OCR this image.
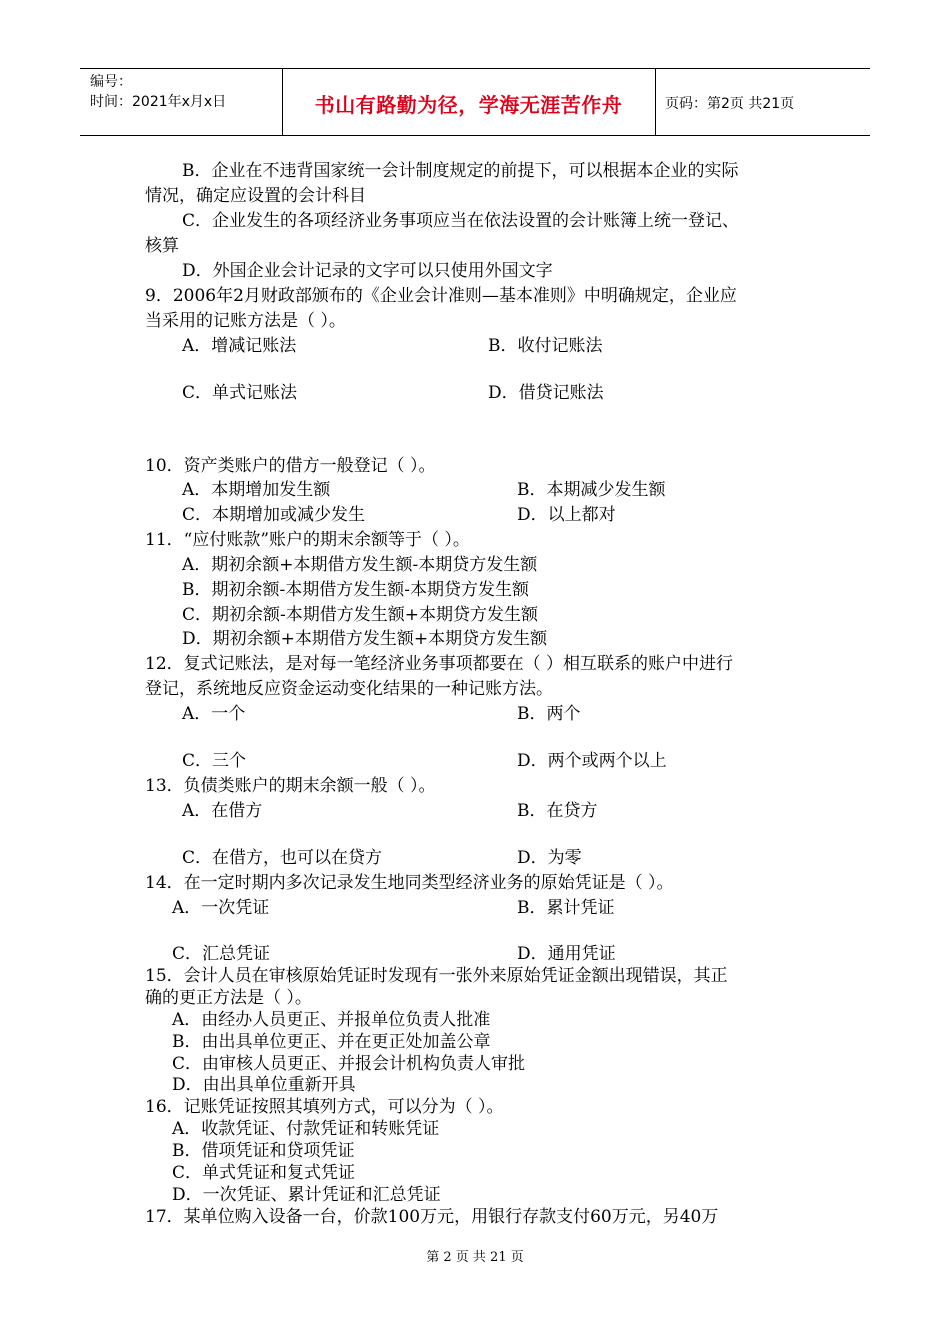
编号：
时间：2021年x月x日	书山有路勤为径，学海无涯苦作舟	页码：第2页 共21页
B．企业在不违背国家统一会计制度规定的前提下，可以根据本企业的实际
情况，确定应设置的会计科目
C．企业发生的各项经济业务事项应当在依法设置的会计账簿上统一登记、
核算
D．外国企业会计记录的文字可以只使用外国文字
9．2006年2月财政部颁布的《企业会计准则—基本准则》中明确规定，企业应
当采用的记账方法是（ ）。
A．增减记账法	B．收付记账法
C．单式记账法	D．借贷记账法
10．资产类账户的借方一般登记（ ）。
A．本期增加发生额	B．本期减少发生额
C．本期增加或减少发生	D．以上都对
11．“应付账款”账户的期末余额等于（ ）。
A．期初余额+本期借方发生额-本期贷方发生额
B．期初余额-本期借方发生额-本期贷方发生额
C．期初余额-本期借方发生额+本期贷方发生额
D．期初余额+本期借方发生额+本期贷方发生额
12．复式记账法，是对每一笔经济业务事项都要在（ ）相互联系的账户中进行
登记，系统地反应资金运动变化结果的一种记账方法。
A．一个	B．两个
C．三个	D．两个或两个以上
13．负债类账户的期末余额一般（ ）。
A．在借方	B．在贷方
C．在借方，也可以在贷方	D．为零
14．在一定时期内多次记录发生地同类型经济业务的原始凭证是（ ）。
A．一次凭证	B．累计凭证
C．汇总凭证	D．通用凭证
15．会计人员在审核原始凭证时发现有一张外来原始凭证金额出现错误，其正
确的更正方法是（ ）。
A．由经办人员更正、并报单位负责人批准
B．由出具单位更正、并在更正处加盖公章
C．由审核人员更正、并报会计机构负责人审批
D．由出具单位重新开具
16．记账凭证按照其填列方式，可以分为（ ）。
A．收款凭证、付款凭证和转账凭证
B．借项凭证和贷项凭证
C．单式凭证和复式凭证
D．一次凭证、累计凭证和汇总凭证
17．某单位购入设备一台，价款100万元，用银行存款支付60万元，另40万
第 2 页 共 21 页
